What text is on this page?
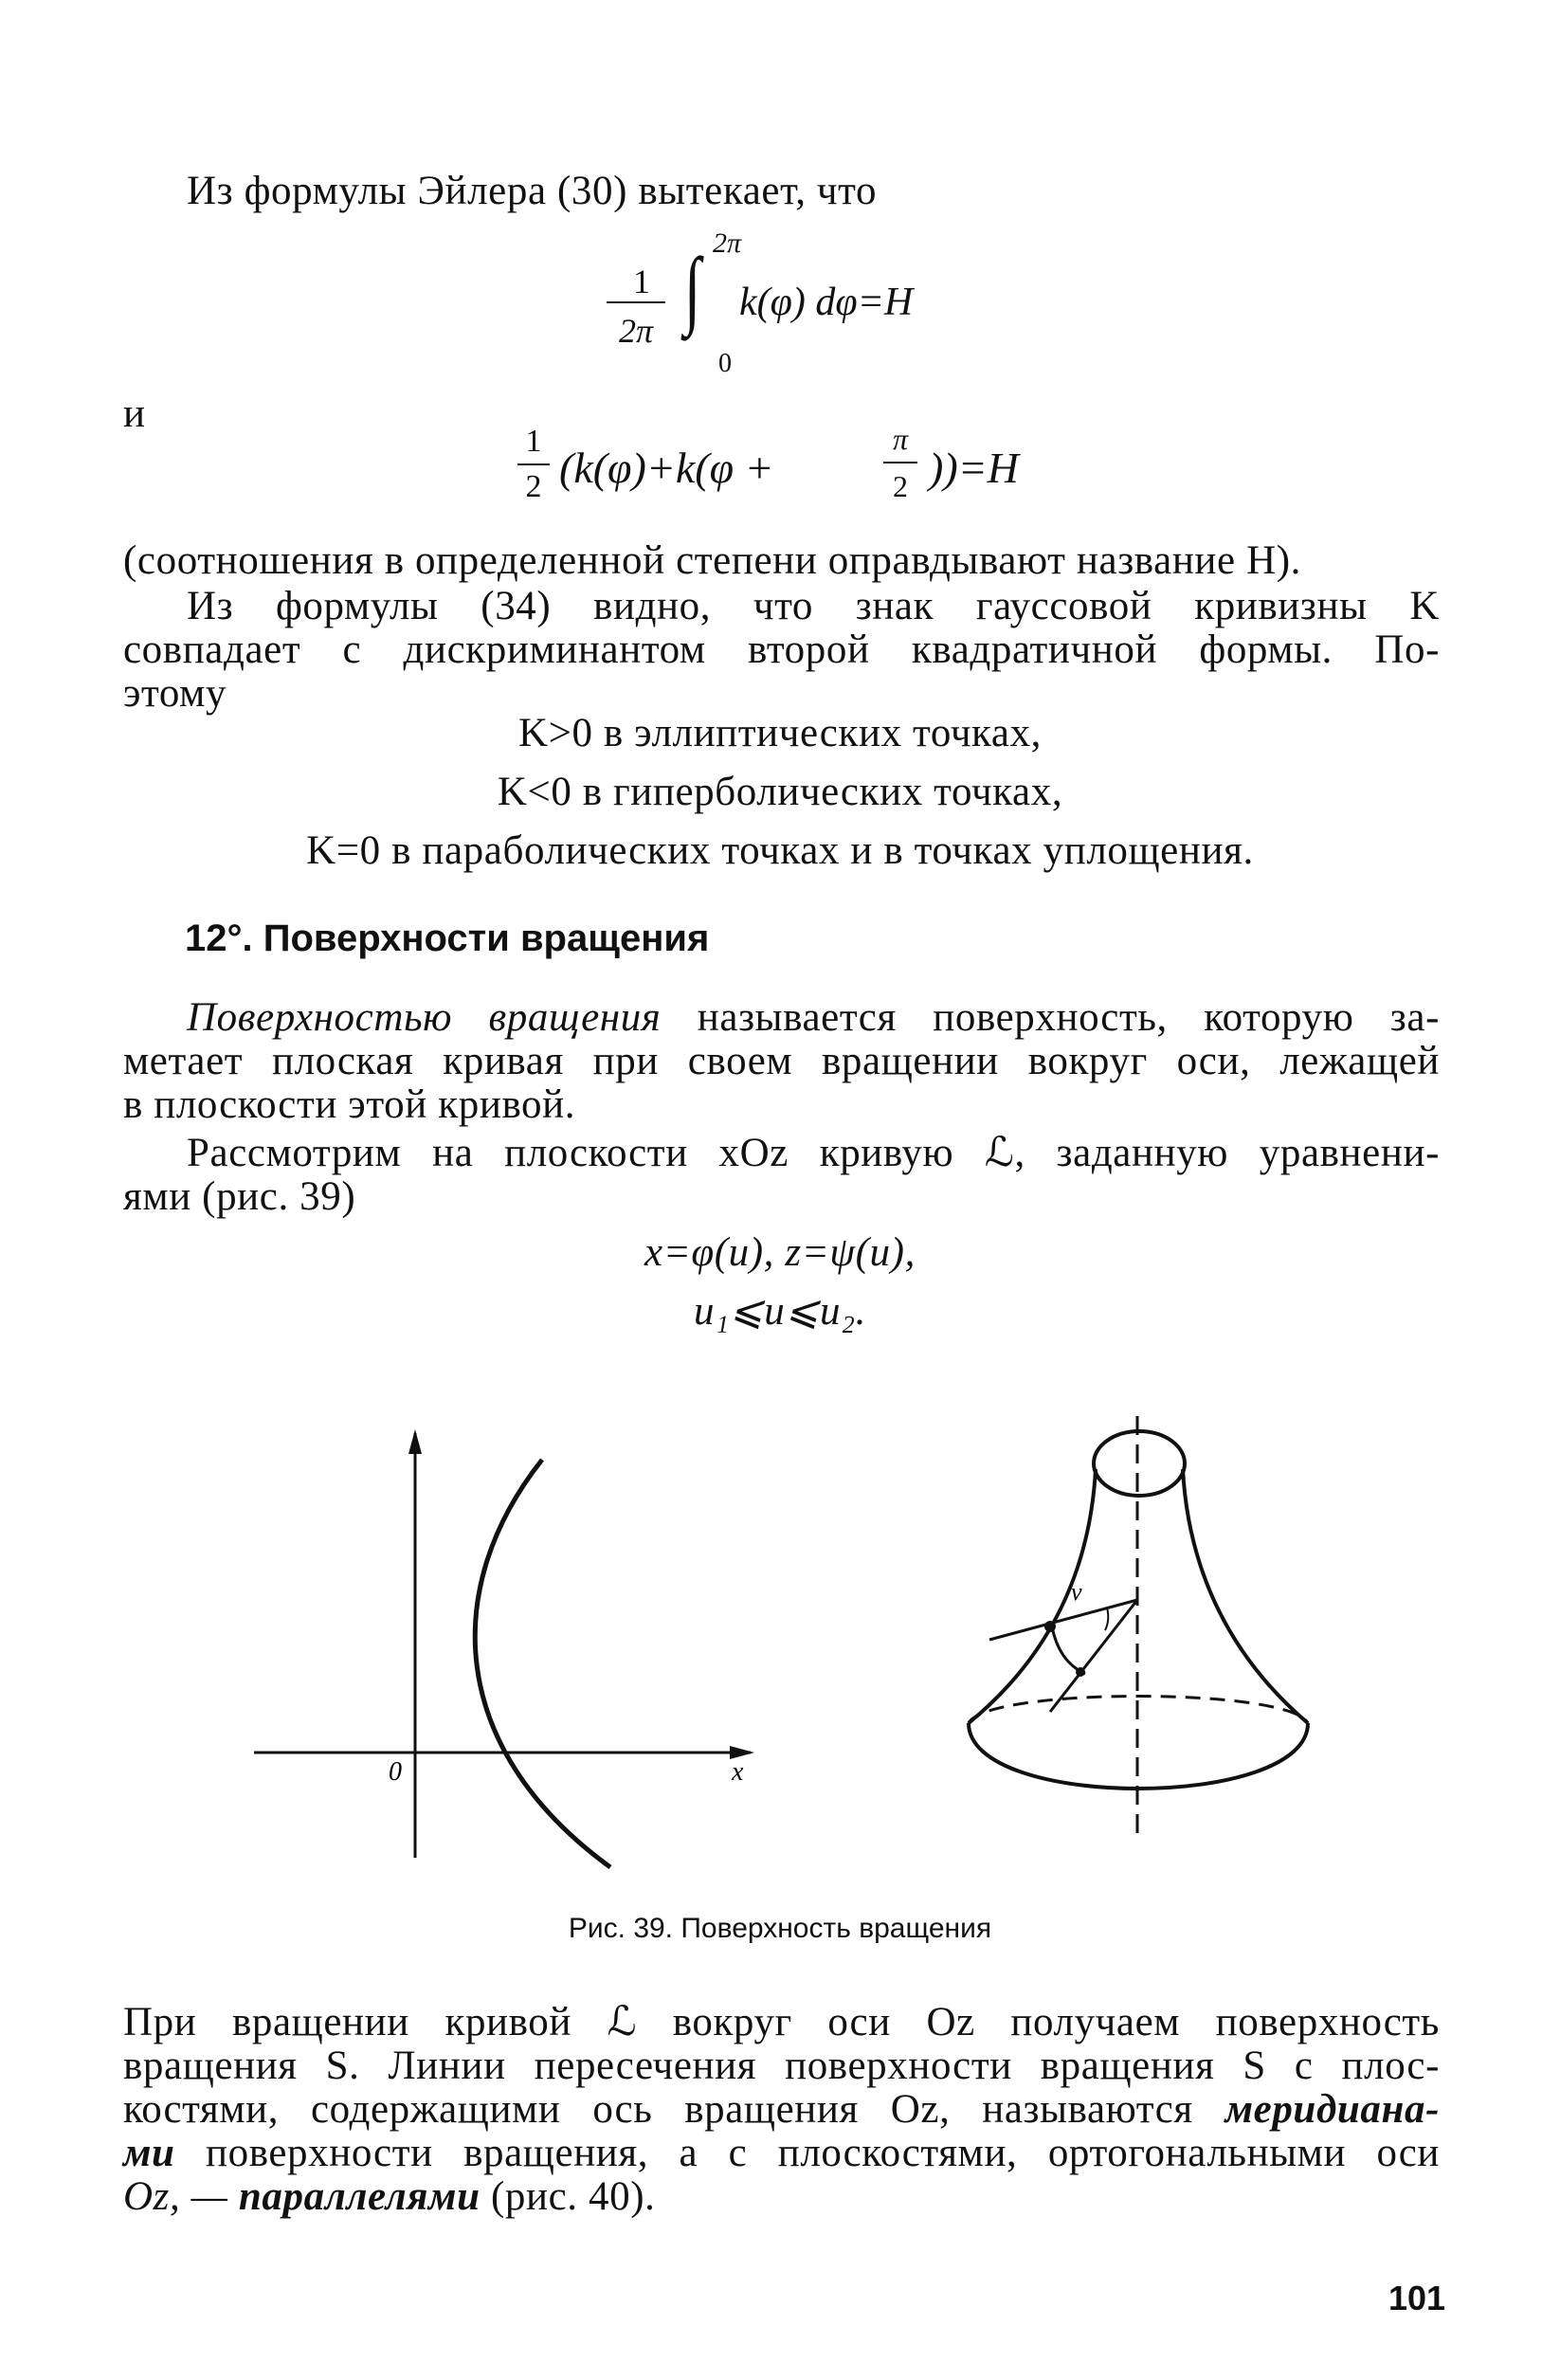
Из формулы Эйлера (30) вытекает, что
2π
1
2π ∫
0
k(φ) dφ=H
и
1
2 (k(φ)+k(φ +
π
2 ))=H
(соотношения в определенной степени оправдывают название H).
Из формулы (34) видно, что знак гауссовой кривизны K
совпадает с дискриминантом второй квадратичной формы. По-
этому
K>0 в эллиптических точках,
K<0 в гиперболических точках,
K=0 в параболических точках и в точках уплощения.
12°. Поверхности вращения
Поверхностью вращения называется поверхность, которую за-
метает плоская кривая при своем вращении вокруг оси, лежащей
в плоскости этой кривой.
Рассмотрим на плоскости xOz кривую ℒ, заданную уравнени-
ями (рис. 39)
x=φ(u), z=ψ(u),
u₁⩽u⩽u₂.
0	x
v
Рис. 39. Поверхность вращения
При вращении кривой ℒ вокруг оси Oz получаем поверхность
вращения S. Линии пересечения поверхности вращения S с плос-
костями, содержащими ось вращения Oz, называются меридиана-
ми поверхности вращения, а с плоскостями, ортогональными оси
Oz, — параллелями (рис. 40).
101
